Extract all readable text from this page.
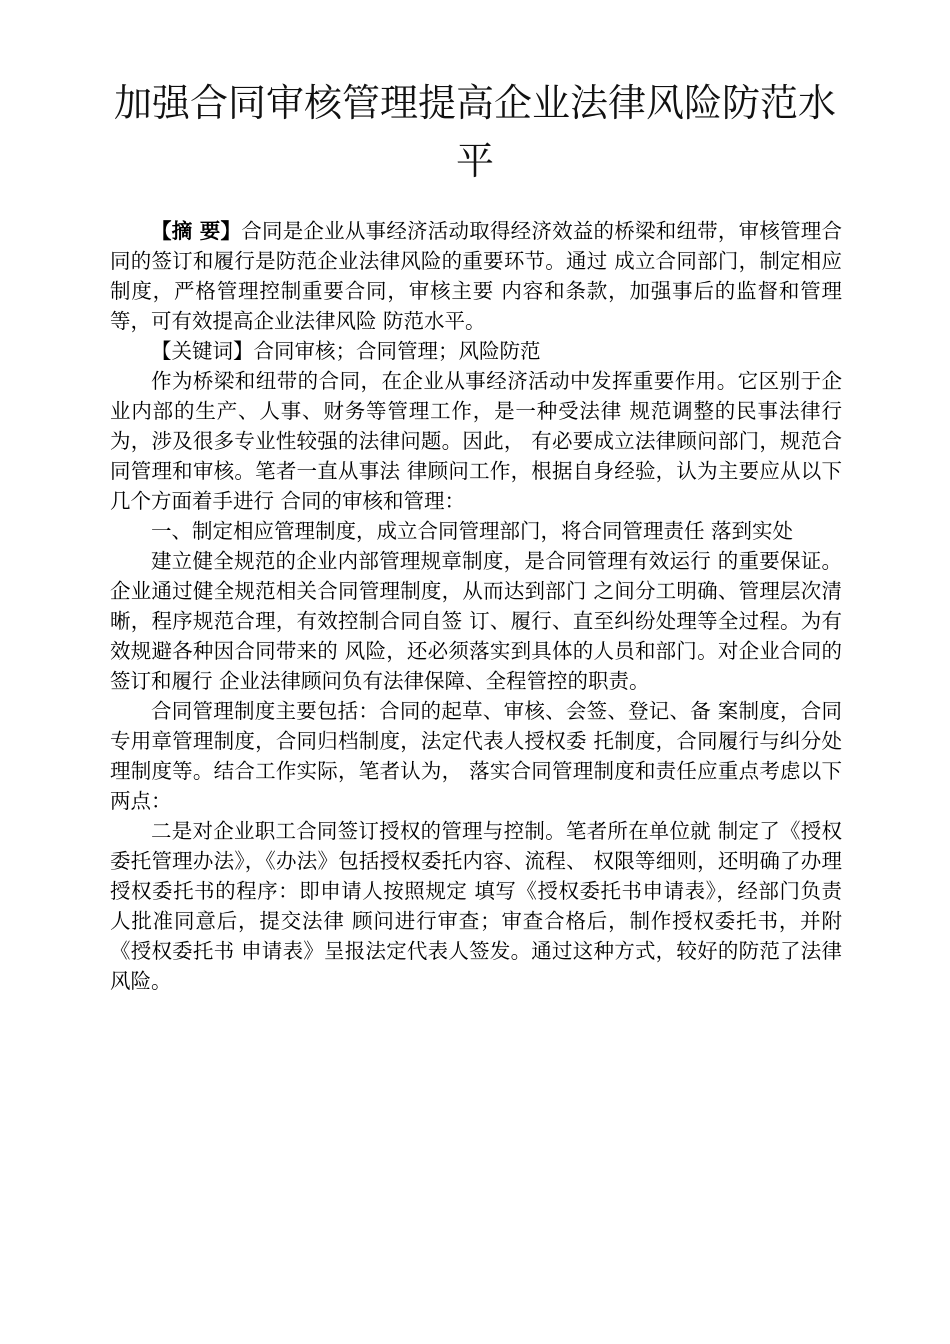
加强合同审核管理提高企业法律风险防范水平

【摘 要】合同是企业从事经济活动取得经济效益的桥梁和纽带，审核管理合同的签订和履行是防范企业法律风险的重要环节。通过 成立合同部门，制定相应制度，严格管理控制重要合同，审核主要 内容和条款，加强事后的监督和管理等，可有效提高企业法律风险 防范水平。

【关键词】合同审核；合同管理；风险防范

作为桥梁和纽带的合同，在企业从事经济活动中发挥重要作用。它区别于企业内部的生产、人事、财务等管理工作，是一种受法律 规范调整的民事法律行为，涉及很多专业性较强的法律问题。因此， 有必要成立法律顾问部门，规范合同管理和审核。笔者一直从事法 律顾问工作，根据自身经验，认为主要应从以下几个方面着手进行 合同的审核和管理：

一、制定相应管理制度，成立合同管理部门，将合同管理责任 落到实处

建立健全规范的企业内部管理规章制度，是合同管理有效运行 的重要保证。企业通过健全规范相关合同管理制度，从而达到部门 之间分工明确、管理层次清晰，程序规范合理，有效控制合同自签 订、履行、直至纠纷处理等全过程。为有效规避各种因合同带来的 风险，还必须落实到具体的人员和部门。对企业合同的签订和履行 企业法律顾问负有法律保障、全程管控的职责。

合同管理制度主要包括：合同的起草、审核、会签、登记、备 案制度，合同专用章管理制度，合同归档制度，法定代表人授权委 托制度，合同履行与纠分处理制度等。结合工作实际，笔者认为， 落实合同管理制度和责任应重点考虑以下两点：

二是对企业职工合同签订授权的管理与控制。笔者所在单位就 制定了《授权委托管理办法》，《办法》包括授权委托内容、流程、 权限等细则，还明确了办理授权委托书的程序：即申请人按照规定 填写《授权委托书申请表》，经部门负责人批准同意后，提交法律 顾问进行审查；审查合格后，制作授权委托书，并附《授权委托书 申请表》呈报法定代表人签发。通过这种方式，较好的防范了法律 风险。
